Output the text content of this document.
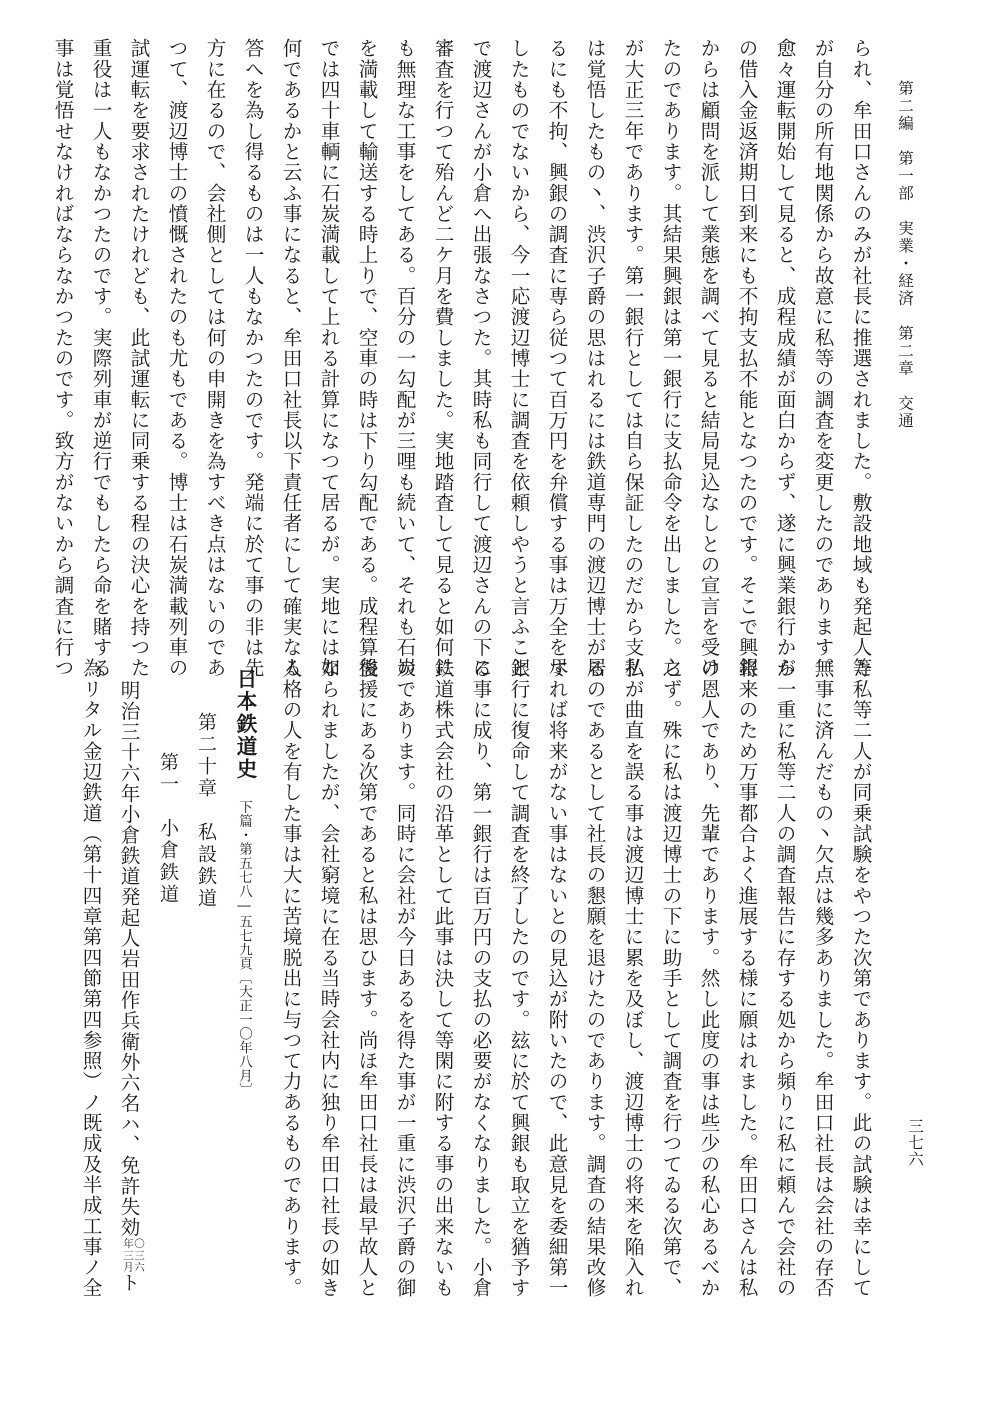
第二編　第一部　実業・経済　第二章　交通
三七六
られ、牟田口さんのみが社長に推選されました。敷設地域も発起人等
が自分の所有地関係から故意に私等の調査を変更したのであります。
愈々運転開始して見ると、成程成績が面白からず、遂に興業銀行から
の借入金返済期日到来にも不拘支払不能となつたのです。そこで興銀
からは顧問を派して業態を調べて見ると結局見込なしとの宣言を受け
たのであります。其結果興銀は第一銀行に支払命令を出しました。之
が大正三年であります。第一銀行としては自ら保証したのだから支払
は覚悟したもの丶、渋沢子爵の思はれるには鉄道専門の渡辺博士が居
るにも不拘、興銀の調査に専ら従つて百万円を弁償する事は万全を尽
したものでないから、今一応渡辺博士に調査を依頼しやうと言ふこと
で渡辺さんが小倉へ出張なさつた。其時私も同行して渡辺さんの下に
審査を行つて殆んど二ケ月を費しました。実地踏査して見ると如何に
も無理な工事をしてある。百分の一勾配が三哩も続いて、それも石炭
を満載して輸送する時上りで、空車の時は下り勾配である。成程算盤
では四十車輌に石炭満載して上れる計算になつて居るが。実地には如
何であるかと云ふ事になると、牟田口社長以下責任者にして確実なる
答へを為し得るものは一人もなかつたのです。発端に於て事の非は先
方に在るので、会社側としては何の申開きを為すべき点はないのであ
つて、渡辺博士の憤慨されたのも尤もである。博士は石炭満載列車の
試運転を要求されたけれども、此試運転に同乗する程の決心を持つた
重役は一人もなかつたのです。実際列車が逆行でもしたら命を賭する
事は覚悟せなければならなかつたのです。致方がないから調査に行つ
た私等二人が同乗試験をやつた次第であります。此の試験は幸にして
無事に済んだもの丶欠点は幾多ありました。牟田口社長は会社の存否
が一重に私等二人の調査報告に存する処から頻りに私に頼んで会社の
将来のため万事都合よく進展する様に願はれました。牟田口さんは私
の恩人であり、先輩であります。然し此度の事は些少の私心あるべか
らず。殊に私は渡辺博士の下に助手として調査を行つてゐる次第で、
私が曲直を誤る事は渡辺博士に累を及ぼし、渡辺博士の将来を陥入れ
るのであるとして社長の懇願を退けたのであります。調査の結果改修
すれば将来がない事はないとの見込が附いたので、此意見を委細第一
銀行に復命して調査を終了したのです。玆に於て興銀も取立を猶予す
る事に成り、第一銀行は百万円の支払の必要がなくなりました。小倉
鉄道株式会社の沿革として此事は決して等閑に附する事の出来ないも
のであります。同時に会社が今日あるを得た事が一重に渋沢子爵の御
後援にある次第であると私は思ひます。尚ほ牟田口社長は最早故人と
なられましたが、会社窮境に在る当時会社内に独り牟田口社長の如き
人格の人を有した事は大に苦境脱出に与つて力あるものであります。
日本鉄道史
下篇・第五七八―五七九頁〔大正一〇年八月〕
第二十章　私設鉄道
第一　小倉鉄道
明治三十六年小倉鉄道発起人岩田作兵衛外六名ハ、免許失効〇三六
年三月ト
為リタル金辺鉄道（第十四章第四節第四参照）ノ既成及半成工事ノ全
